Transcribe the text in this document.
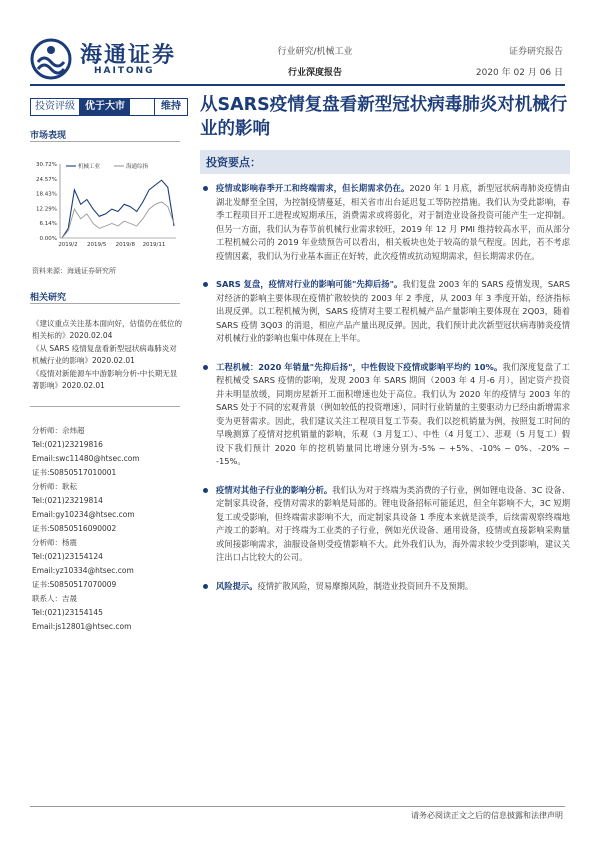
海通证券
HAITONG
行业研究/机械工业
行业深度报告
证券研究报告
2020 年 02 月 06 日
投资评级	优于大市	维持	从SARS疫情复盘看新型冠状病毒肺炎对机械行业的影响
市场表现
0.00%
6.14%
12.29%
18.43%
24.57%
30.72%
2019/2 2019/5 2019/8 2019/11
机械工业	海通综指
资料来源：海通证券研究所
相关研究
《建议重点关注基本面向好，估值仍在低位的相关标的》2020.02.04
《从 SARS 疫情复盘看新型冠状病毒肺炎对机械行业的影响》2020.02.01
《疫情对新能源车中游影响分析-中长期无显著影响》2020.02.01
分析师：佘炜超
Tel:(021)23219816
Email:swc11480@htsec.com
证书:S0850517010001
分析师：耿耘
Tel:(021)23219814
Email:gy10234@htsec.com
证书:S0850516090002
分析师：杨震
Tel:(021)23154124
Email:yz10334@htsec.com
证书:S0850517070009
联系人：吉晟
Tel:(021)23154145
Email:js12801@htsec.com
投资要点：
疫情或影响春季开工和终端需求，但长期需求仍在。2020 年 1 月底，新型冠状病毒肺炎疫情由湖北发酵至全国，为控制疫情蔓延，相关省市出台延迟复工等防控措施。我们认为受此影响，春季工程项目开工进程或短期承压，消费需求或将弱化，对于制造业设备投资可能产生一定抑制。但另一方面，我们认为春节前机械行业需求较旺，2019 年 12 月 PMI 维持较高水平，而从部分工程机械公司的 2019 年业绩预告可以看出，相关板块也处于较高的景气程度。因此，若不考虑疫情因素，我们认为行业基本面正在好转，此次疫情或抗动短期需求，但长期需求仍在。
SARS 复盘，疫情对行业的影响可能"先抑后扬"。我们复盘 2003 年的 SARS 疫情发现，SARS 对经济的影响主要体现在疫情扩散较快的 2003 年 2 季度，从 2003 年 3 季度开始，经济指标出现反弹。以工程机械为例，SARS 疫情对主要工程机械产品产量影响主要体现在 2Q03，随着 SARS 疫情 3Q03 的消退，相应产品产量出现反弹。因此，我们预计此次新型冠状病毒肺炎疫情对机械行业的影响也集中体现在上半年。
工程机械：2020 年销量"先抑后扬"，中性假设下疫情或影响平均约 10%。我们深度复盘了工程机械受 SARS 疫情的影响，发现 2003 年 SARS 期间（2003 年 4 月-6 月），固定资产投资并未明显放缓，同期房屋新开工面积增速也处于高位。我们认为 2020 年的疫情与 2003 年的 SARS 处于不同的宏观背景（例如较低的投资增速），同时行业销量的主要驱动力已经由新增需求变为更替需求。因此，我们建议关注工程项目复工节奏。我们以挖机销量为例，按照复工时间的早晚测算了疫情对挖机销量的影响，乐观（3 月复工）、中性（4 月复工）、悲观（5 月复工）假设下我们预计 2020 年的挖机销量同比增速分别为-5% ~ +5%、-10% ~ 0%、-20% ~ -15%。
疫情对其他子行业的影响分析。我们认为对于终端为类消费的子行业，例如锂电设备、3C 设备、定制家具设备，疫情对需求的影响是局部的。锂电设备招标可能延迟，但全年影响不大，3C 短期复工或受影响，但终端需求影响不大，而定制家具设备 1 季度本来就是淡季，后续需观察终端地产竣工的影响。对于终端为工业类的子行业，例如光伏设备、通用设备，疫情或直接影响采购量或间接影响需求，油服设备则受疫情影响不大。此外我们认为，海外需求较少受到影响，建议关注出口占比较大的公司。
风险提示。疫情扩散风险，贸易摩擦风险，制造业投资回升不及预期。
请务必阅读正文之后的信息披露和法律声明
